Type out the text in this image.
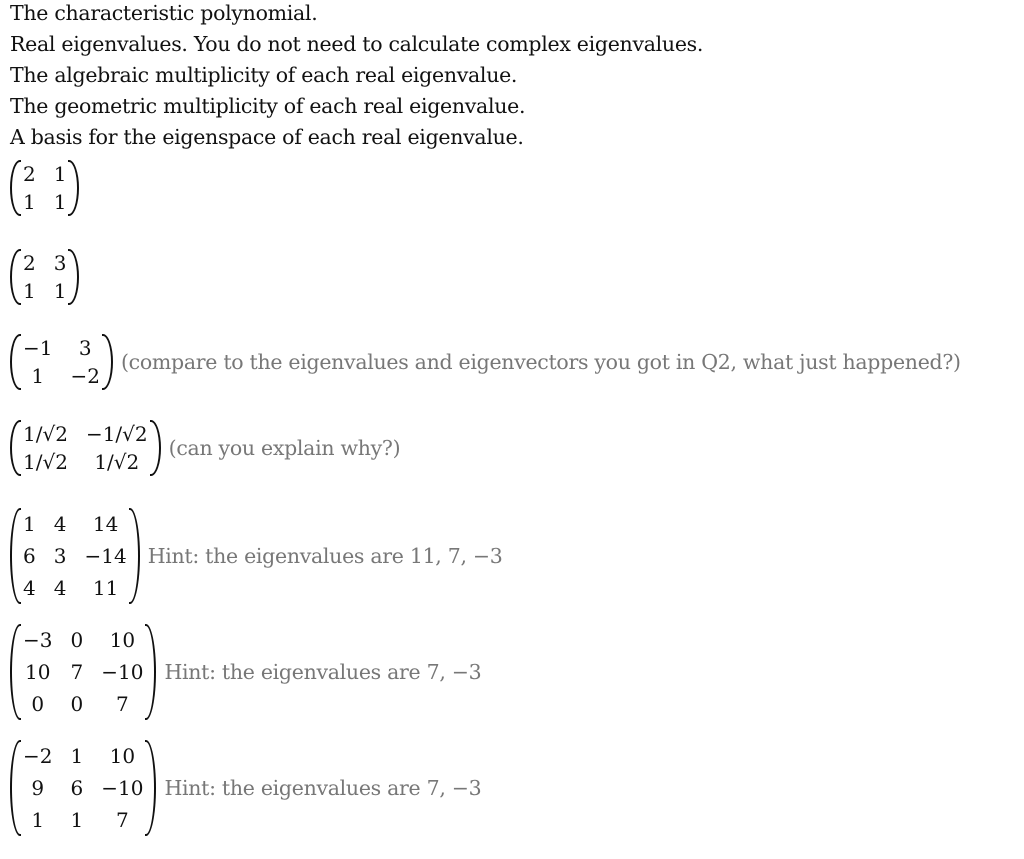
The characteristic polynomial.
Real eigenvalues. You do not need to calculate complex eigenvalues.
The algebraic multiplicity of each real eigenvalue.
The geometric multiplicity of each real eigenvalue.
A basis for the eigenspace of each real eigenvalue.
2 1
1 1
2 3
1 1
−1	3
1	−2
(compare to the eigenvalues and eigenvectors you got in Q2, what just happened?)
1/√2 −1/√2
1/√2	1/√2
(can you explain why?)
1 4	14
6 3 −14
4 4	11
Hint: the eigenvalues are 11, 7, −3
−3 0	10
10 7 −10
0	0	7
Hint: the eigenvalues are 7, −3
−2 1	10
9	6 −10
1	1	7
Hint: the eigenvalues are 7, −3
